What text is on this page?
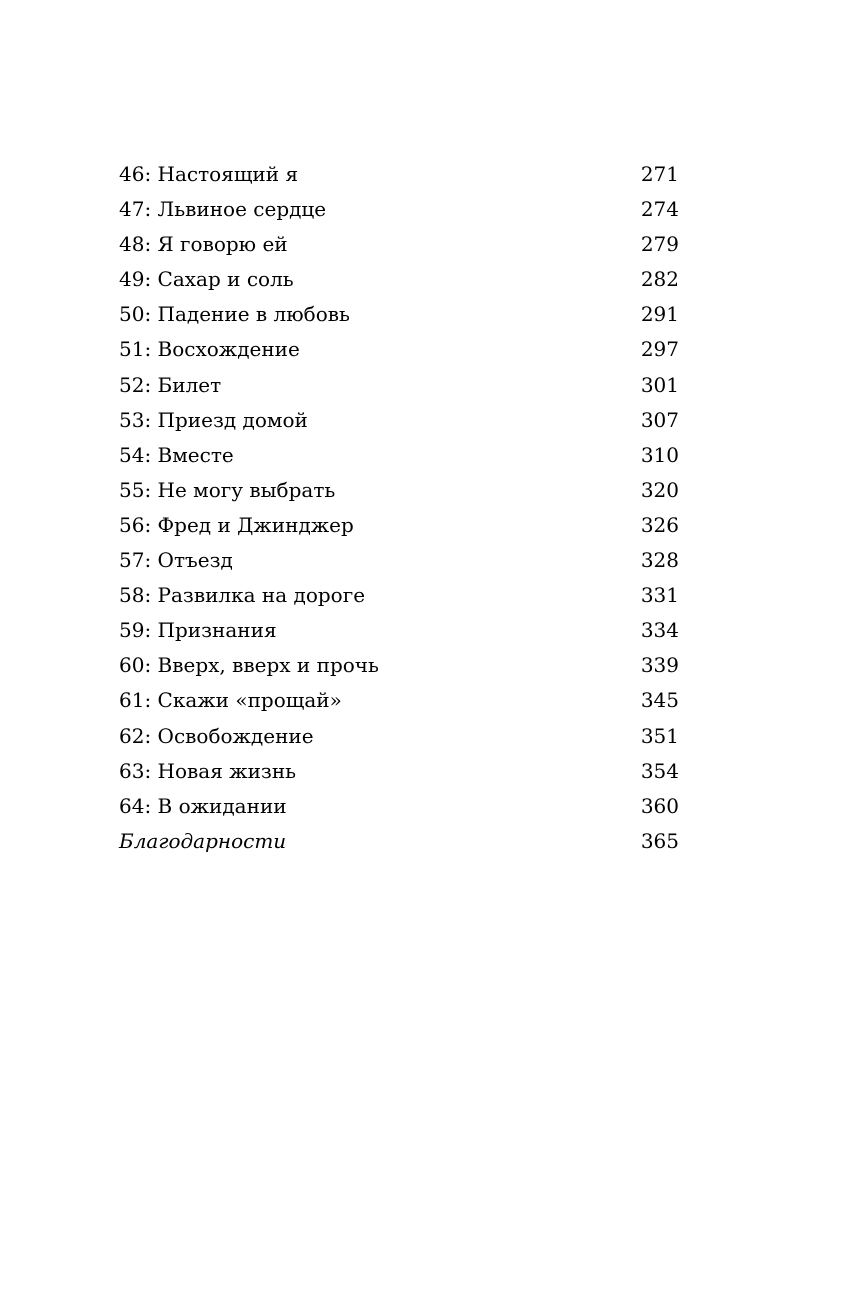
46: Настоящий я	271
47: Львиное сердце	274
48: Я говорю ей	279
49: Сахар и соль	282
50: Падение в любовь	291
51: Восхождение	297
52: Билет	301
53: Приезд домой	307
54: Вместе	310
55: Не могу выбрать	320
56: Фред и Джинджер	326
57: Отъезд	328
58: Развилка на дороге	331
59: Признания	334
60: Вверх, вверх и прочь	339
61: Скажи «прощай»	345
62: Освобождение	351
63: Новая жизнь	354
64: В ожидании	360
Благодарности	365
